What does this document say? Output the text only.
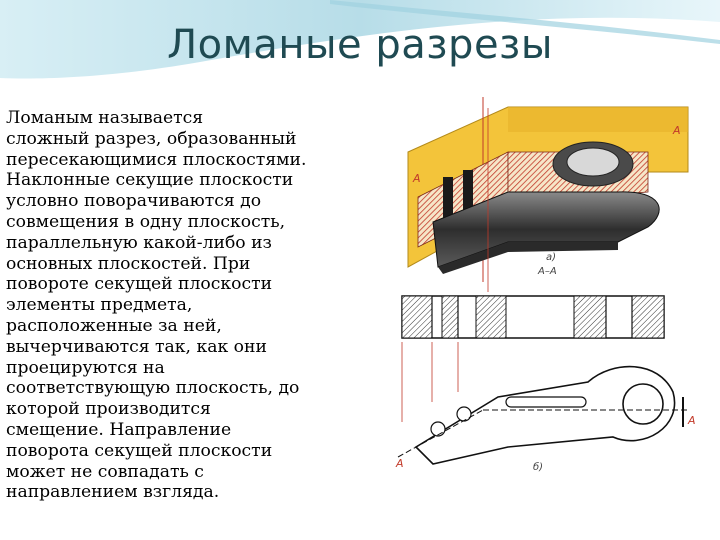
Ломаные разрезы
Ломаным называется
сложный разрез, образованный
пересекающимися плоскостями.
Наклонные секущие плоскости
условно поворачиваются до
совмещения в одну плоскость,
параллельную какой-либо из
основных плоскостей. При
повороте секущей плоскости
элементы предмета,
расположенные за ней,
вычерчиваются так, как они
проецируются на
соответствующую плоскость, до
которой производится
смещение. Направление
поворота секущей плоскости
может не совпадать с
направлением взгляда.
A
A
а)
А–А
A
A
б)
